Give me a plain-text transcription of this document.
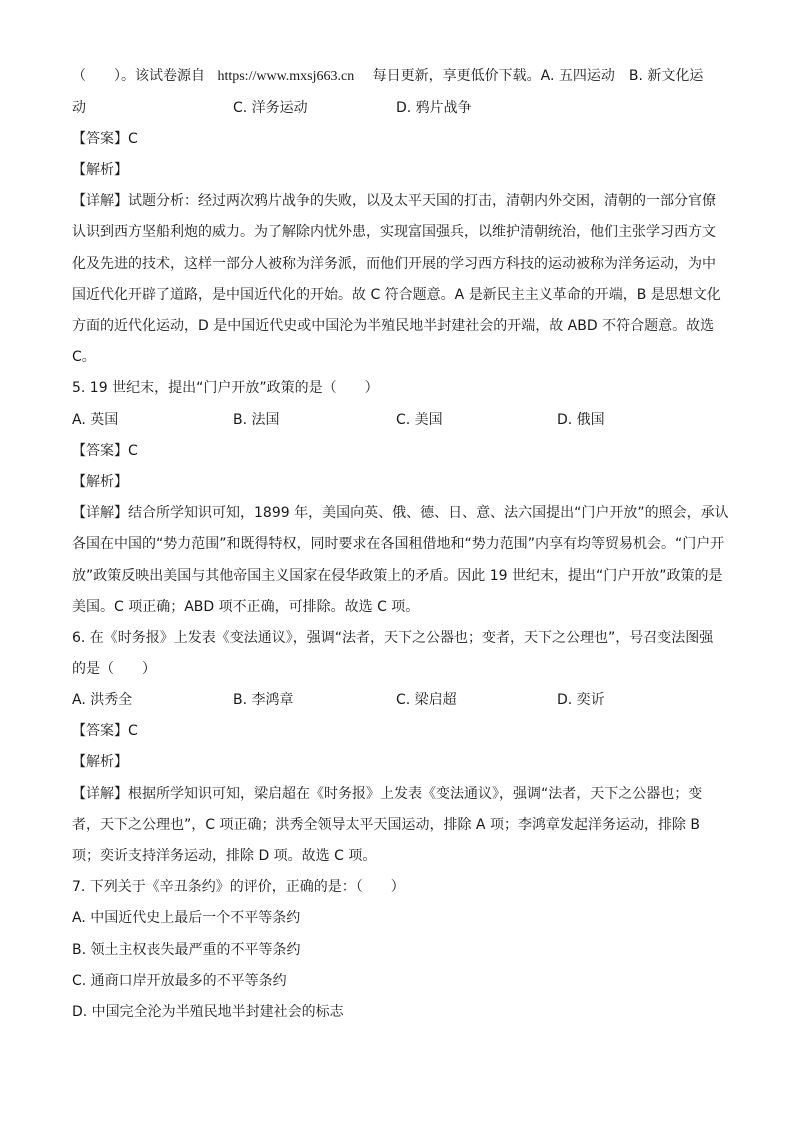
（　　）。该试卷源自 https://www.mxsj663.cn 每日更新，享更低价下载。A. 五四运动　B. 新文化运
动	C. 洋务运动	D. 鸦片战争
【答案】C
【解析】
【详解】试题分析：经过两次鸦片战争的失败，以及太平天国的打击，清朝内外交困，清朝的一部分官僚
认识到西方坚船利炮的威力。为了解除内忧外患，实现富国强兵，以维护清朝统治，他们主张学习西方文
化及先进的技术，这样一部分人被称为洋务派，而他们开展的学习西方科技的运动被称为洋务运动，为中
国近代化开辟了道路，是中国近代化的开始。故 C 符合题意。A 是新民主主义革命的开端，B 是思想文化
方面的近代化运动，D 是中国近代史或中国沦为半殖民地半封建社会的开端，故 ABD 不符合题意。故选
C。
5. 19 世纪末，提出“门户开放”政策的是（　　）
A. 英国	B. 法国	C. 美国	D. 俄国
【答案】C
【解析】
【详解】结合所学知识可知，1899 年，美国向英、俄、德、日、意、法六国提出“门户开放”的照会，承认
各国在中国的“势力范围”和既得特权，同时要求在各国租借地和“势力范围”内享有均等贸易机会。“门户开
放”政策反映出美国与其他帝国主义国家在侵华政策上的矛盾。因此 19 世纪末，提出“门户开放”政策的是
美国。C 项正确；ABD 项不正确，可排除。故选 C 项。
6. 在《时务报》上发表《变法通议》，强调“法者，天下之公器也；变者，天下之公理也”，号召变法图强
的是（　　）
A. 洪秀全	B. 李鸿章	C. 梁启超	D. 奕䜣
【答案】C
【解析】
【详解】根据所学知识可知，梁启超在《时务报》上发表《变法通议》，强调“法者，天下之公器也；变
者，天下之公理也”，C 项正确；洪秀全领导太平天国运动，排除 A 项；李鸿章发起洋务运动，排除 B
项；奕䜣支持洋务运动，排除 D 项。故选 C 项。
7. 下列关于《辛丑条约》的评价，正确的是：（　　）
A. 中国近代史上最后一个不平等条约
B. 领土主权丧失最严重的不平等条约
C. 通商口岸开放最多的不平等条约
D. 中国完全沦为半殖民地半封建社会的标志
